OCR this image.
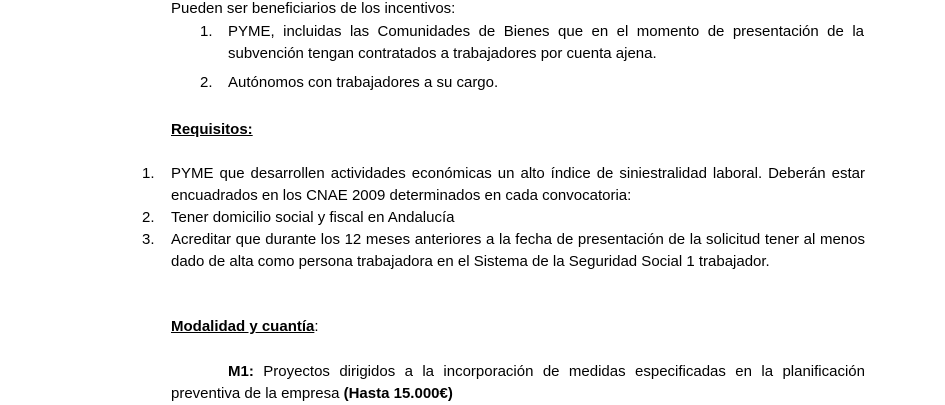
Pueden ser beneficiarios de los incentivos:
1. PYME, incluidas las Comunidades de Bienes que en el momento de presentación de la subvención tengan contratados a trabajadores por cuenta ajena.
2. Autónomos con trabajadores a su cargo.
Requisitos:
1. PYME que desarrollen actividades económicas un alto índice de siniestralidad laboral. Deberán estar encuadrados en los CNAE 2009 determinados en cada convocatoria:
2. Tener domicilio social y fiscal en Andalucía
3. Acreditar que durante los 12 meses anteriores a la fecha de presentación de la solicitud tener al menos dado de alta como persona trabajadora en el Sistema de la Seguridad Social 1 trabajador.
Modalidad y cuantía:
M1: Proyectos dirigidos a la incorporación de medidas especificadas en la planificación preventiva de la empresa (Hasta 15.000€)
